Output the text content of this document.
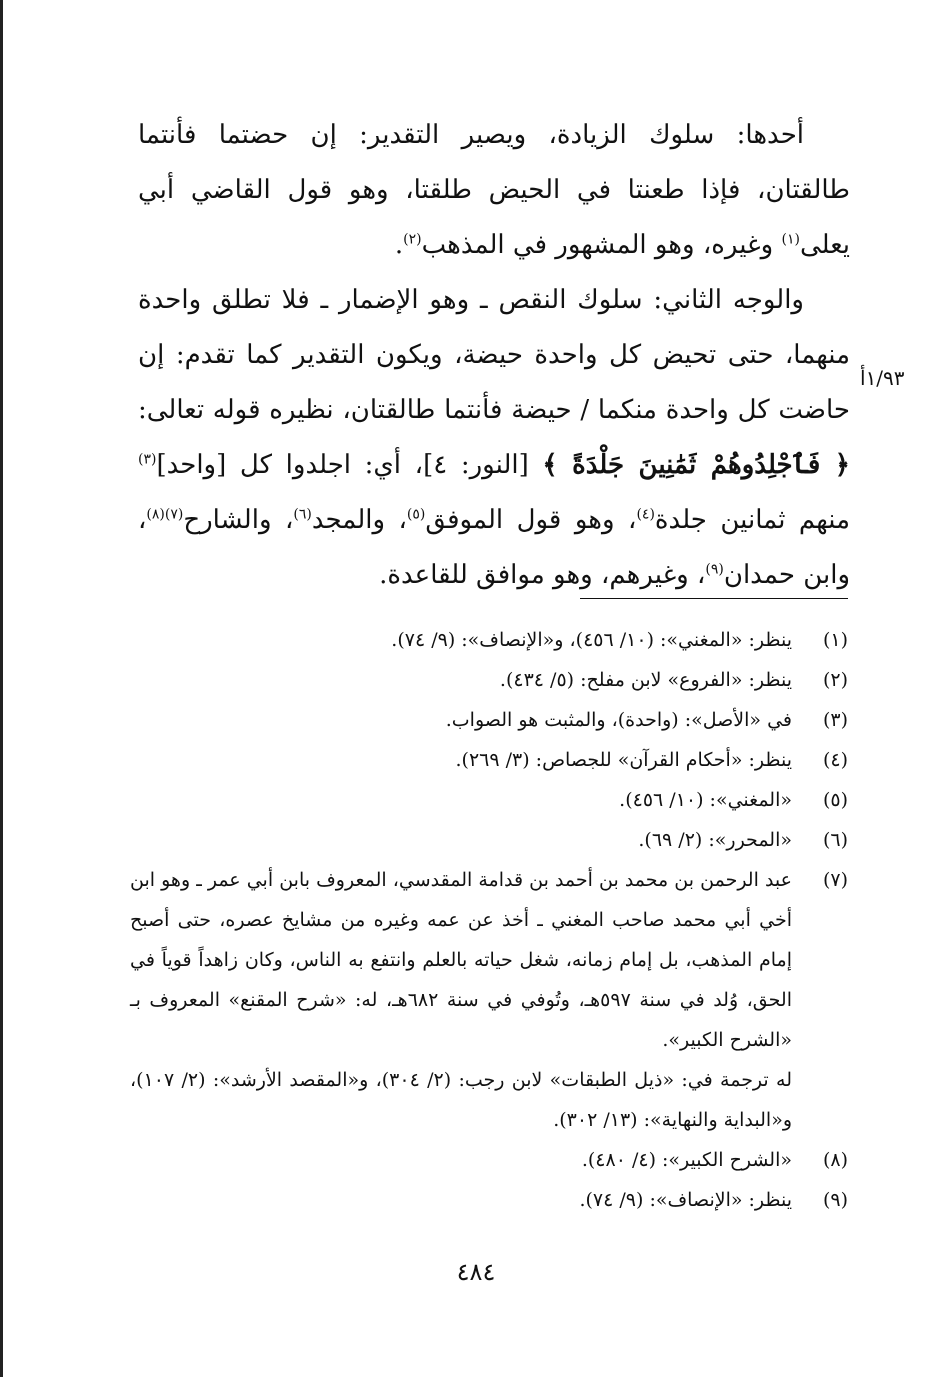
أحدها: سلوك الزيادة، ويصير التقدير: إن حضتما فأنتما طالقتان، فإذا طعنتا في الحيض طلقتا، وهو قول القاضي أبي يعلى$^{(١)}$ وغيره، وهو المشهور في المذهب$^{(٢)}$.

والوجه الثاني: سلوك النقص ـ وهو الإضمار ـ فلا تطلق واحدة منهما، حتى تحيض كل واحدة حيضة، ويكون التقدير كما تقدم: إن حاضت كل واحدة منكما / حيضة فأنتما طالقتان، نظيره قوله تعالى: ﴿ فَٱجْلِدُوهُمْ ثَمَٰنِينَ جَلْدَةً ﴾ [النور: ٤]، أي: اجلدوا كل [واحد]$^{(٣)}$ منهم ثمانين جلدة$^{(٤)}$، وهو قول الموفق$^{(٥)}$، والمجد$^{(٦)}$، والشارح$^{(٧)(٨)}$، وابن حمدان$^{(٩)}$، وغيرهم، وهو موافق للقاعدة.

١/٩٣أ
(١)
ينظر: «المغني»: (١٠/ ٤٥٦)، و«الإنصاف»: (٩/ ٧٤).
(٢)
ينظر: «الفروع» لابن مفلح: (٥/ ٤٣٤).
(٣)
في «الأصل»: (واحدة)، والمثبت هو الصواب.
(٤)
ينظر: «أحكام القرآن» للجصاص: (٣/ ٢٦٩).
(٥)
«المغني»: (١٠/ ٤٥٦).
(٦)
«المحرر»: (٢/ ٦٩).
(٧)
عبد الرحمن بن محمد بن أحمد بن قدامة المقدسي، المعروف بابن أبي عمر ـ وهو ابن أخي أبي محمد صاحب المغني ـ أخذ عن عمه وغيره من مشايخ عصره، حتى أصبح إمام المذهب، بل إمام زمانه، شغل حياته بالعلم وانتفع به الناس، وكان زاهداً قوياً في الحق، وُلد في سنة ٥٩٧هـ، وتُوفي في سنة ٦٨٢هـ، له: «شرح المقنع» المعروف بـ «الشرح الكبير».
له ترجمة في: «ذيل الطبقات» لابن رجب: (٢/ ٣٠٤)، و«المقصد الأرشد»: (٢/ ١٠٧)، و«البداية والنهاية»: (١٣/ ٣٠٢).
(٨)
«الشرح الكبير»: (٤/ ٤٨٠).
(٩)
ينظر: «الإنصاف»: (٩/ ٧٤).
٤٨٤
